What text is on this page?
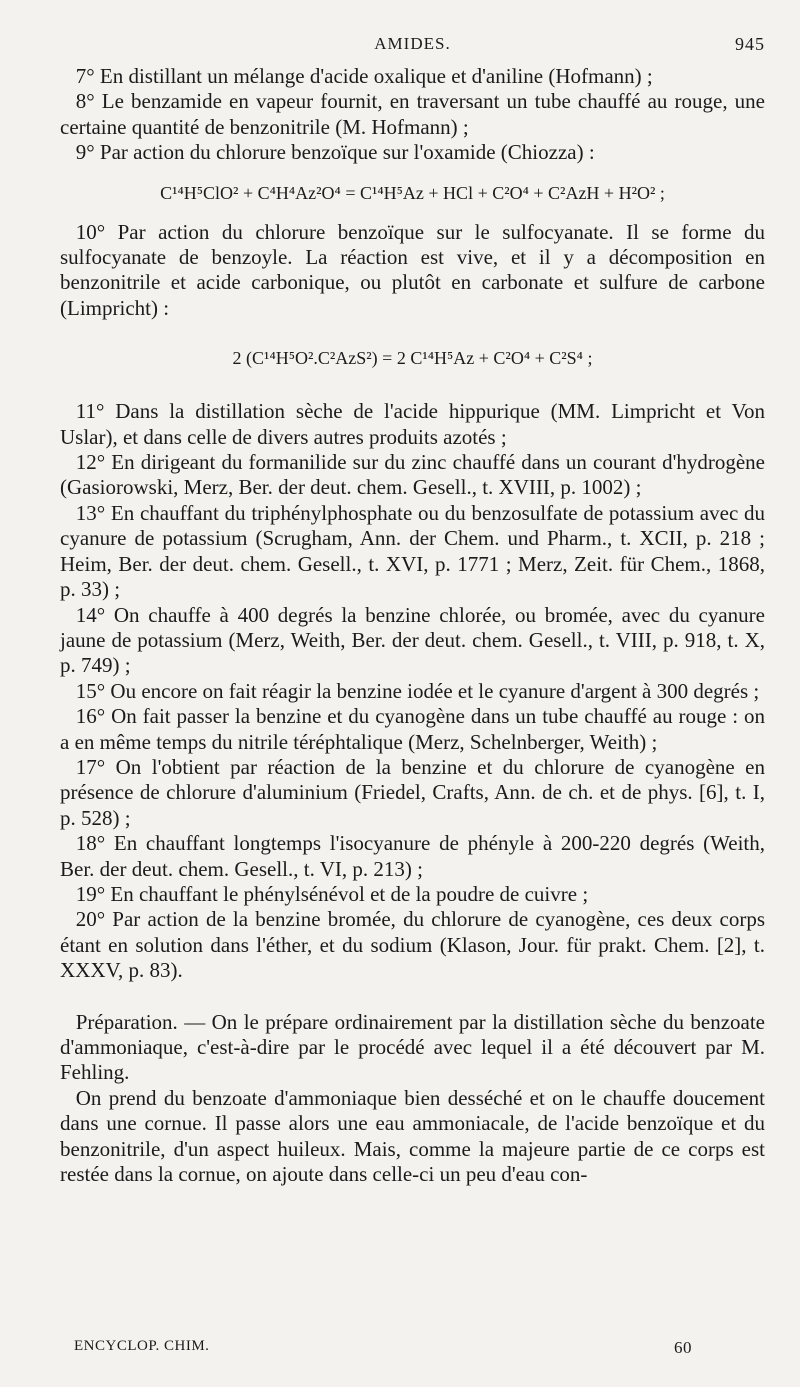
AMIDES.	945

7° En distillant un mélange d'acide oxalique et d'aniline (Hofmann) ;

8° Le benzamide en vapeur fournit, en traversant un tube chauffé au rouge, une certaine quantité de benzonitrile (M. Hofmann) ;

9° Par action du chlorure benzoïque sur l'oxamide (Chiozza) :

C¹⁴H⁵ClO² + C⁴H⁴Az²O⁴ = C¹⁴H⁵Az + HCl + C²O⁴ + C²AzH + H²O² ;

10° Par action du chlorure benzoïque sur le sulfocyanate. Il se forme du sulfocyanate de benzoyle. La réaction est vive, et il y a décomposition en benzonitrile et acide carbonique, ou plutôt en carbonate et sulfure de carbone (Limpricht) :

2 (C¹⁴H⁵O².C²AzS²) = 2 C¹⁴H⁵Az + C²O⁴ + C²S⁴ ;

11° Dans la distillation sèche de l'acide hippurique (MM. Limpricht et Von Uslar), et dans celle de divers autres produits azotés ;

12° En dirigeant du formanilide sur du zinc chauffé dans un courant d'hydrogène (Gasiorowski, Merz, Ber. der deut. chem. Gesell., t. XVIII, p. 1002) ;

13° En chauffant du triphénylphosphate ou du benzosulfate de potassium avec du cyanure de potassium (Scrugham, Ann. der Chem. und Pharm., t. XCII, p. 218 ; Heim, Ber. der deut. chem. Gesell., t. XVI, p. 1771 ; Merz, Zeit. für Chem., 1868, p. 33) ;

14° On chauffe à 400 degrés la benzine chlorée, ou bromée, avec du cyanure jaune de potassium (Merz, Weith, Ber. der deut. chem. Gesell., t. VIII, p. 918, t. X, p. 749) ;

15° Ou encore on fait réagir la benzine iodée et le cyanure d'argent à 300 degrés ;

16° On fait passer la benzine et du cyanogène dans un tube chauffé au rouge : on a en même temps du nitrile téréphtalique (Merz, Schelnberger, Weith) ;

17° On l'obtient par réaction de la benzine et du chlorure de cyanogène en présence de chlorure d'aluminium (Friedel, Crafts, Ann. de ch. et de phys. [6], t. I, p. 528) ;

18° En chauffant longtemps l'isocyanure de phényle à 200-220 degrés (Weith, Ber. der deut. chem. Gesell., t. VI, p. 213) ;

19° En chauffant le phénylsénévol et de la poudre de cuivre ;

20° Par action de la benzine bromée, du chlorure de cyanogène, ces deux corps étant en solution dans l'éther, et du sodium (Klason, Jour. für prakt. Chem. [2], t. XXXV, p. 83).

Préparation. — On le prépare ordinairement par la distillation sèche du benzoate d'ammoniaque, c'est-à-dire par le procédé avec lequel il a été découvert par M. Fehling.

On prend du benzoate d'ammoniaque bien desséché et on le chauffe doucement dans une cornue. Il passe alors une eau ammoniacale, de l'acide benzoïque et du benzonitrile, d'un aspect huileux. Mais, comme la majeure partie de ce corps est restée dans la cornue, on ajoute dans celle-ci un peu d'eau con-

ENCYCLOP. CHIM.	60
